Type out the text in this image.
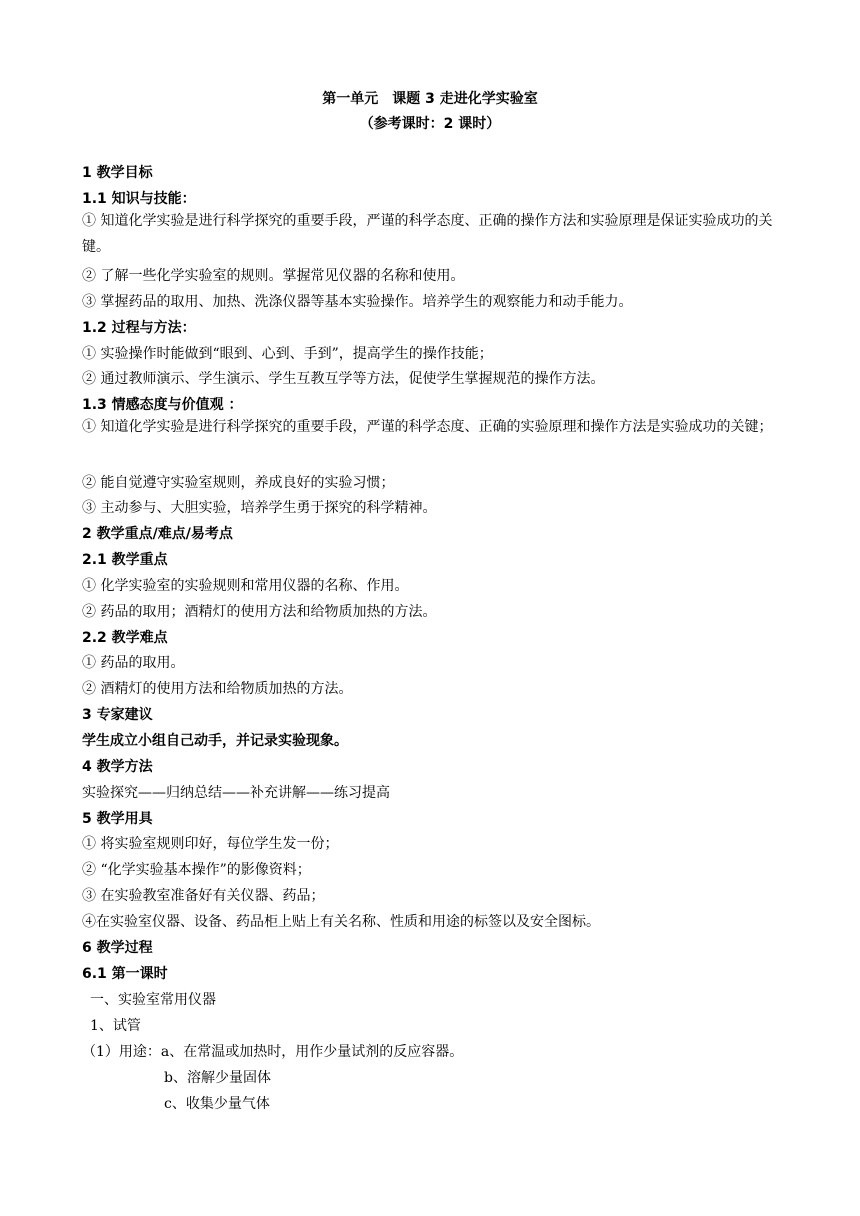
第一单元　课题 3 走进化学实验室
（参考课时：2 课时）
1 教学目标
1.1 知识与技能：
① 知道化学实验是进行科学探究的重要手段，严谨的科学态度、正确的操作方法和实验原理是保证实验成功的关键。
② 了解一些化学实验室的规则。掌握常见仪器的名称和使用。
③ 掌握药品的取用、加热、洗涤仪器等基本实验操作。培养学生的观察能力和动手能力。
1.2 过程与方法：
① 实验操作时能做到“眼到、心到、手到”，提高学生的操作技能；
② 通过教师演示、学生演示、学生互教互学等方法，促使学生掌握规范的操作方法。
1.3 情感态度与价值观 ：
① 知道化学实验是进行科学探究的重要手段，严谨的科学态度、正确的实验原理和操作方法是实验成功的关键；
② 能自觉遵守实验室规则，养成良好的实验习惯；
③ 主动参与、大胆实验，培养学生勇于探究的科学精神。
2 教学重点/难点/易考点
2.1 教学重点
① 化学实验室的实验规则和常用仪器的名称、作用。
② 药品的取用；酒精灯的使用方法和给物质加热的方法。
2.2 教学难点
① 药品的取用。
② 酒精灯的使用方法和给物质加热的方法。
3 专家建议
学生成立小组自己动手，并记录实验现象。
4 教学方法
实验探究——归纳总结——补充讲解——练习提高
5 教学用具
① 将实验室规则印好，每位学生发一份；
② “化学实验基本操作”的影像资料；
③ 在实验教室准备好有关仪器、药品；
④在实验室仪器、设备、药品柜上贴上有关名称、性质和用途的标签以及安全图标。
6 教学过程
6.1 第一课时
一、实验室常用仪器
1、试管
（1）用途：a、在常温或加热时，用作少量试剂的反应容器。
b、溶解少量固体
c、收集少量气体
